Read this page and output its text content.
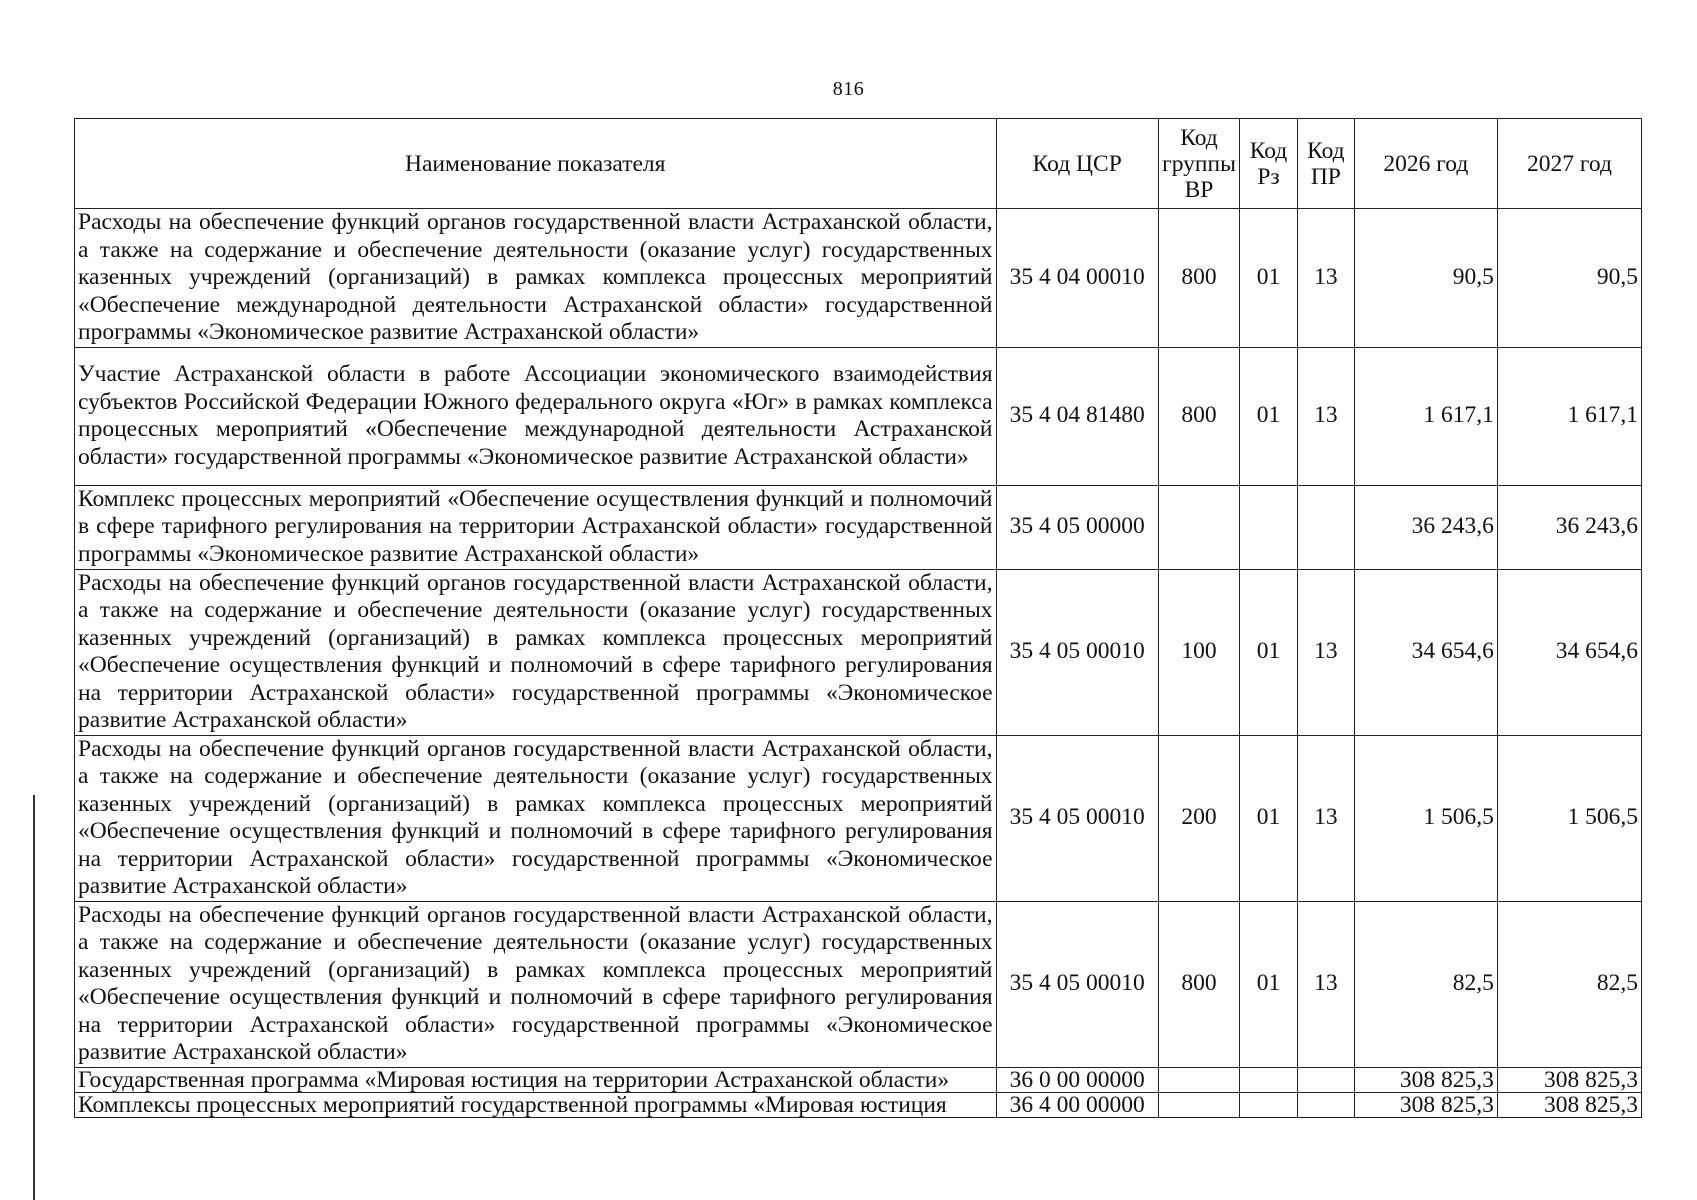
816
Наименование показателя	Код ЦСР	Код группы ВР	Код Рз	Код ПР	2026 год	2027 год
Расходы на обеспечение функций органов государственной власти Астраханской области, а также на содержание и обеспечение деятельности (оказание услуг) государственных казенных учреждений (организаций) в рамках комплекса процессных мероприятий «Обеспечение международной деятельности Астраханской области» государственной программы «Экономическое развитие Астраханской области»	35 4 04 00010	800	01	13	90,5	90,5
Участие Астраханской области в работе Ассоциации экономического взаимодействия субъектов Российской Федерации Южного федерального округа «Юг» в рамках комплекса процессных мероприятий «Обеспечение международной деятельности Астраханской области» государственной программы «Экономическое развитие Астраханской области»	35 4 04 81480	800	01	13	1 617,1	1 617,1
Комплекс процессных мероприятий «Обеспечение осуществления функций и полномочий в сфере тарифного регулирования на территории Астраханской области» государственной программы «Экономическое развитие Астраханской области»	35 4 05 00000				36 243,6	36 243,6
Расходы на обеспечение функций органов государственной власти Астраханской области, а также на содержание и обеспечение деятельности (оказание услуг) государственных казенных учреждений (организаций) в рамках комплекса процессных мероприятий «Обеспечение осуществления функций и полномочий в сфере тарифного регулирования на территории Астраханской области» государственной программы «Экономическое развитие Астраханской области»	35 4 05 00010	100	01	13	34 654,6	34 654,6
Расходы на обеспечение функций органов государственной власти Астраханской области, а также на содержание и обеспечение деятельности (оказание услуг) государственных казенных учреждений (организаций) в рамках комплекса процессных мероприятий «Обеспечение осуществления функций и полномочий в сфере тарифного регулирования на территории Астраханской области» государственной программы «Экономическое развитие Астраханской области»	35 4 05 00010	200	01	13	1 506,5	1 506,5
Расходы на обеспечение функций органов государственной власти Астраханской области, а также на содержание и обеспечение деятельности (оказание услуг) государственных казенных учреждений (организаций) в рамках комплекса процессных мероприятий «Обеспечение осуществления функций и полномочий в сфере тарифного регулирования на территории Астраханской области» государственной программы «Экономическое развитие Астраханской области»	35 4 05 00010	800	01	13	82,5	82,5
Государственная программа «Мировая юстиция на территории Астраханской области»	36 0 00 00000				308 825,3	308 825,3
Комплексы процессных мероприятий государственной программы «Мировая юстиция	36 4 00 00000				308 825,3	308 825,3
